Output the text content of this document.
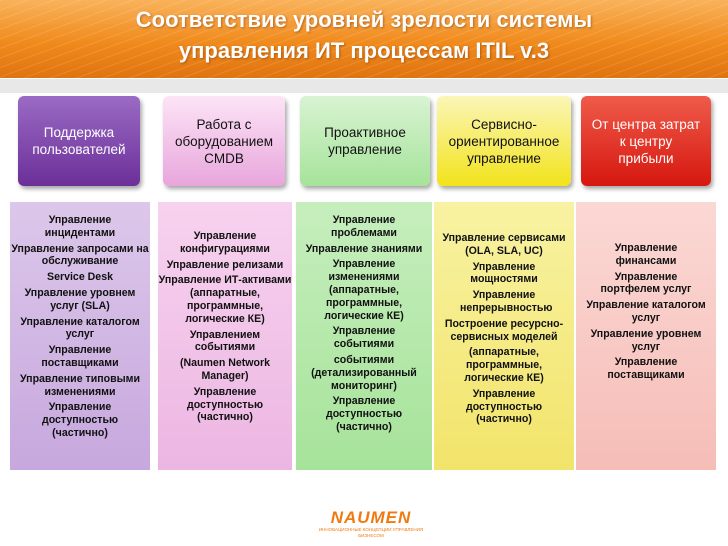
Соответствие уровней зрелости системы
управления ИТ процессам ITIL v.3
Поддержка
пользователей
Управление инцидентами
Управление запросами на обслуживание
Service Desk
Управление уровнем услуг (SLA)
Управление каталогом услуг
Управление поставщиками
Управление типовыми изменениями
Управление доступностью (частично)
Работа с
оборудованием
CMDB
Управление конфигурациями
Управление релизами
Управление ИТ-активами (аппаратные, программные, логические КЕ)
Управлением событиями
(Naumen Network Manager)
Управление доступностью (частично)
Проактивное
управление
Управление проблемами
Управление знаниями
Управление изменениями (аппаратные, программные, логические КЕ)
Управление событиями
событиями (детализированный мониторинг)
Управление доступностью (частично)
Сервисно-
ориентированное
управление
Управление сервисами (OLA, SLA, UC)
Управление мощностями
Управление непрерывностью
Построение ресурсно-сервисных моделей
(аппаратные, программные, логические КЕ)
Управление доступностью (частично)
От центра затрат
к центру
прибыли
Управление финансами
Управление портфелем услуг
Управление каталогом услуг
Управление уровнем услуг
Управление поставщиками
NAUMEN
ИННОВАЦИОННЫЕ КОНЦЕПЦИИ УПРАВЛЕНИЯ БИЗНЕСОМ
